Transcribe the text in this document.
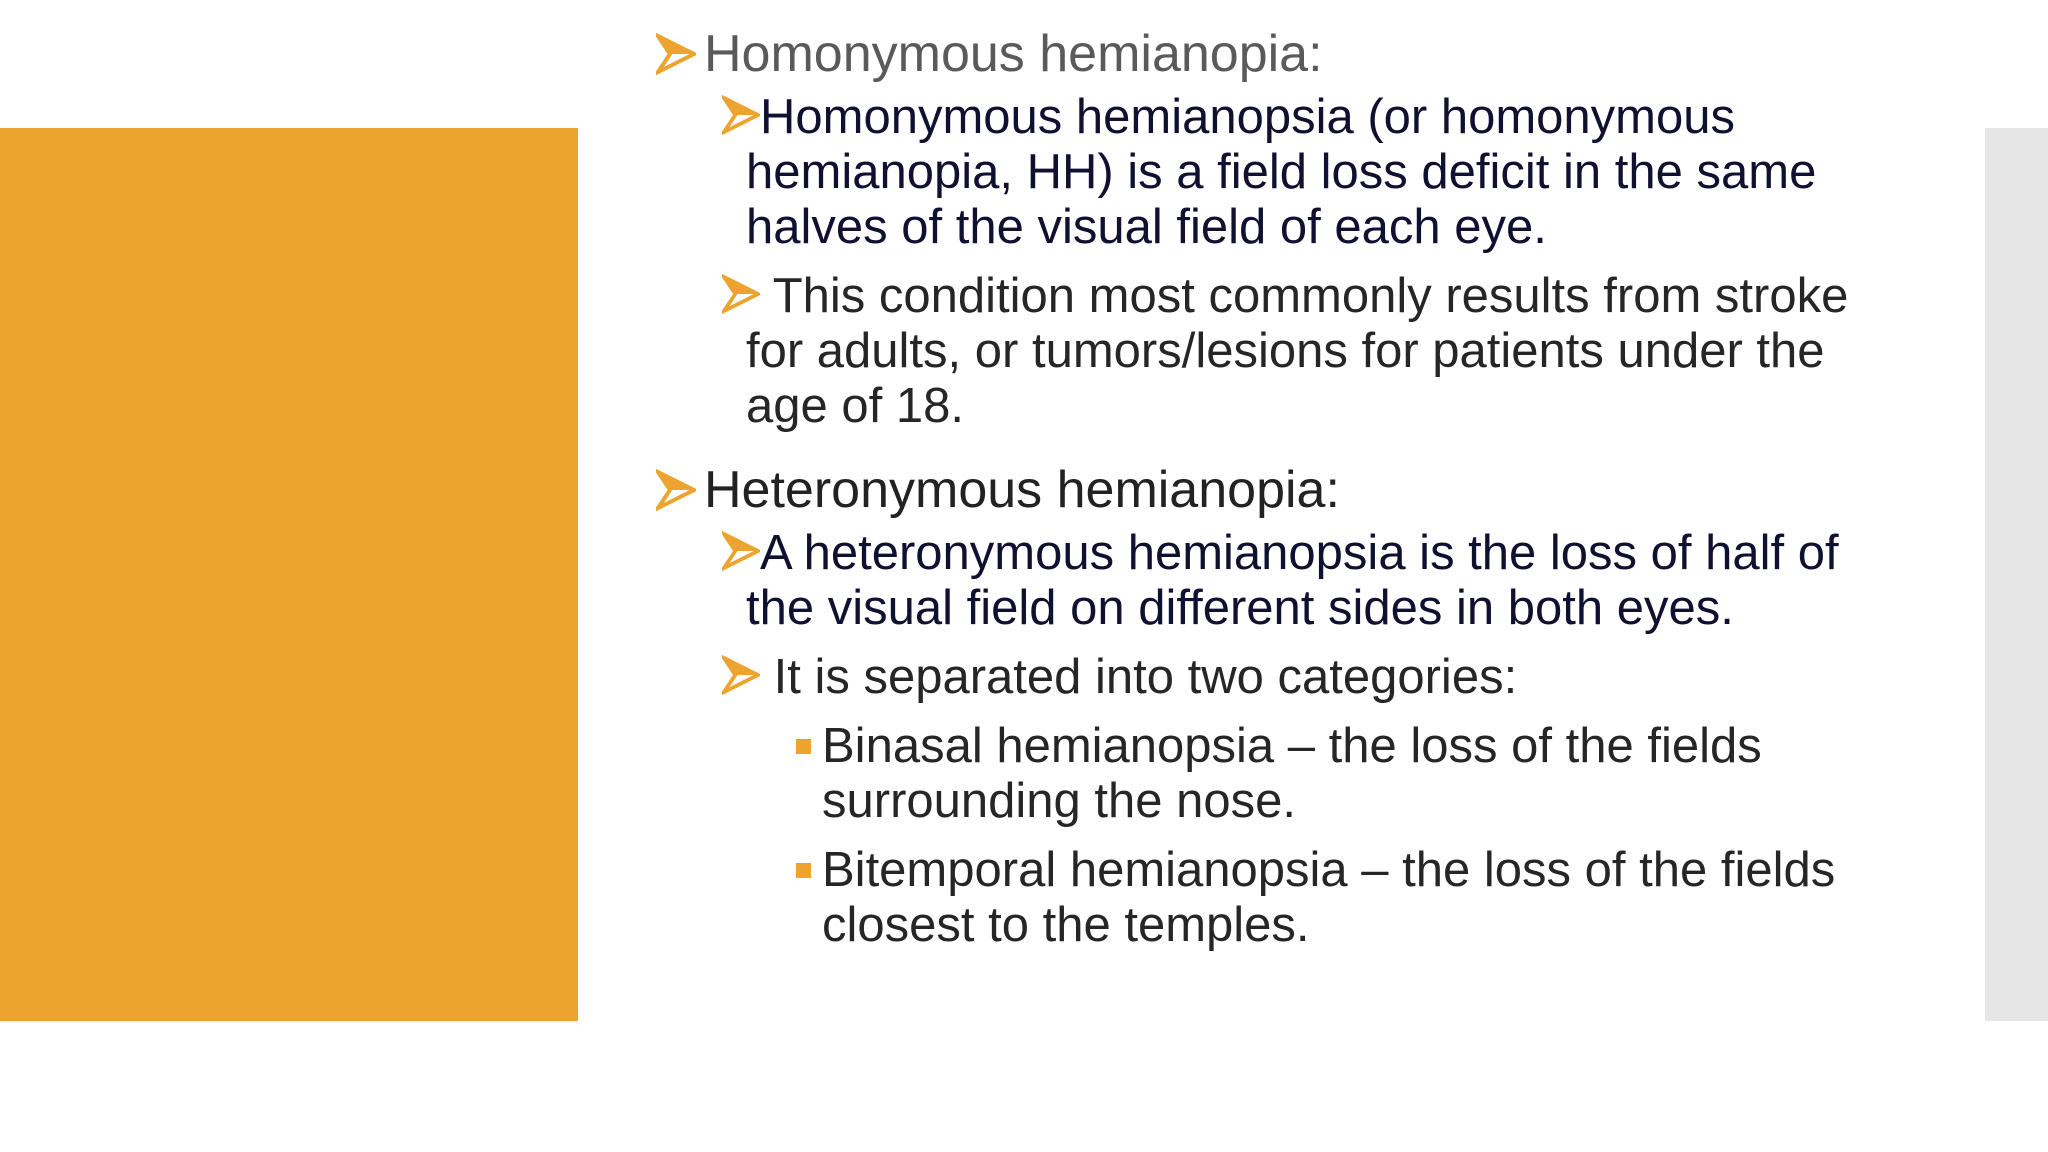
Homonymous hemianopia:
Homonymous hemianopsia (or homonymous hemianopia, HH) is a field loss deficit in the same halves of the visual field of each eye.
This condition most commonly results from stroke for adults, or tumors/lesions for patients under the age of 18.
Heteronymous hemianopia:
A heteronymous hemianopsia is the loss of half of the visual field on different sides in both eyes.
It is separated into two categories:
Binasal hemianopsia – the loss of the fields surrounding the nose.
Bitemporal hemianopsia – the loss of the fields closest to the temples.
